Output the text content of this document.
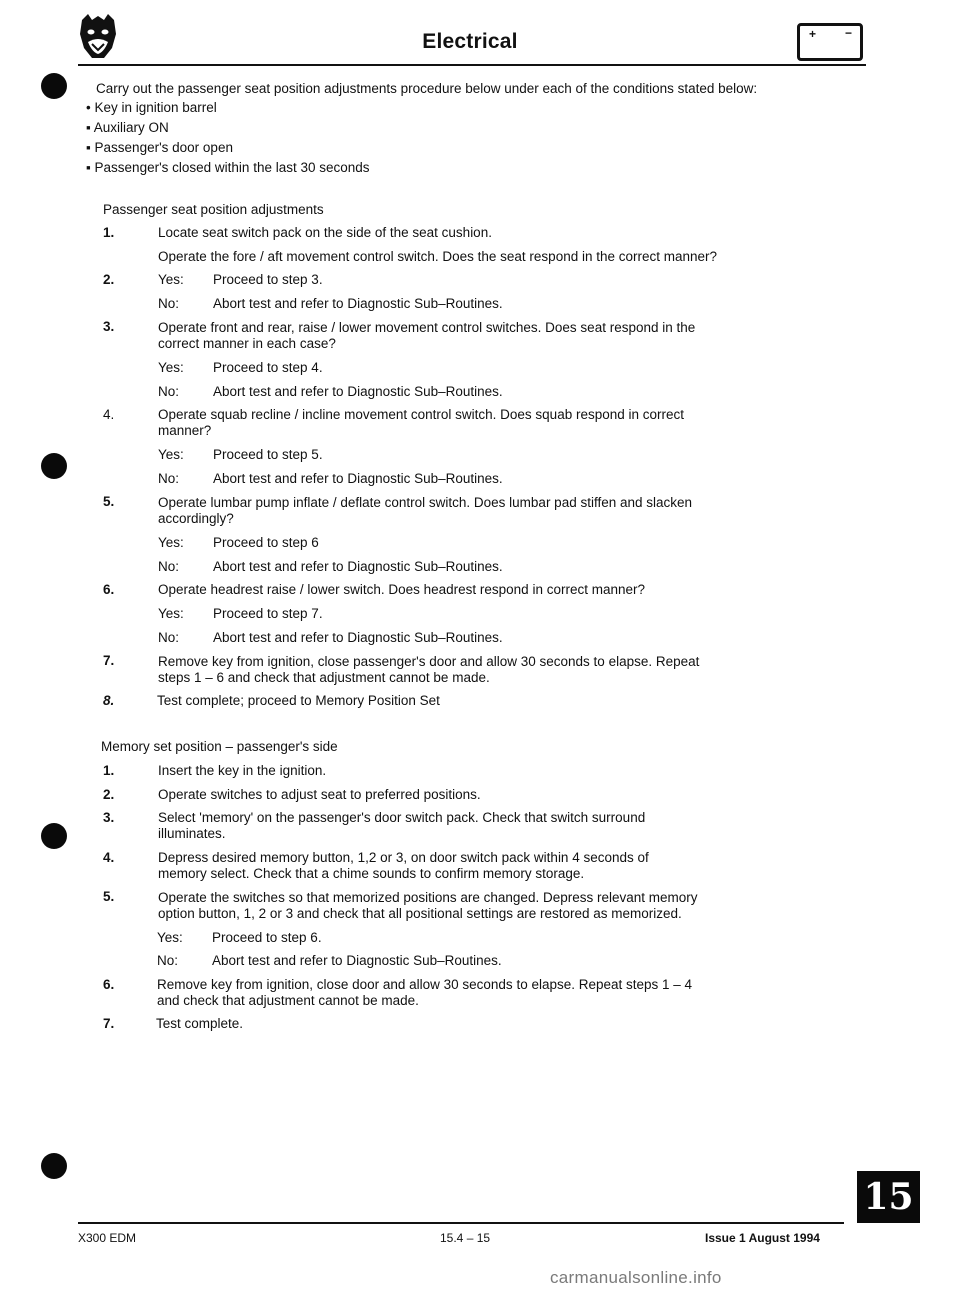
Electrical	+ −
Carry out the passenger seat position adjustments procedure below under each of the conditions stated below:
• Key in ignition barrel
▪ Auxiliary ON
▪ Passenger's door open
▪ Passenger's closed within the last 30 seconds
Passenger seat position adjustments
1.	Locate seat switch pack on the side of the seat cushion.
Operate the fore / aft movement control switch. Does the seat respond in the correct manner?
2.	Yes: Proceed to step 3.
No:	Abort test and refer to Diagnostic Sub–Routines.
3.	Operate front and rear, raise / lower movement control switches. Does seat respond in the
correct manner in each case?
Yes: Proceed to step 4.
No:	Abort test and refer to Diagnostic Sub–Routines.
4.	Operate squab recline / incline movement control switch. Does squab respond in correct
manner?
Yes: Proceed to step 5.
No:	Abort test and refer to Diagnostic Sub–Routines.
5.	Operate lumbar pump inflate / deflate control switch. Does lumbar pad stiffen and slacken
accordingly?
Yes: Proceed to step 6
No:	Abort test and refer to Diagnostic Sub–Routines.
6.	Operate headrest raise / lower switch. Does headrest respond in correct manner?
Yes: Proceed to step 7.
No:	Abort test and refer to Diagnostic Sub–Routines.
7.	Remove key from ignition, close passenger's door and allow 30 seconds to elapse. Repeat
steps 1 – 6 and check that adjustment cannot be made.
8.	Test complete; proceed to Memory Position Set
Memory set position – passenger's side
1.	Insert the key in the ignition.
2.	Operate switches to adjust seat to preferred positions.
3.	Select 'memory' on the passenger's door switch pack. Check that switch surround
illuminates.
4.	Depress desired memory button, 1,2 or 3, on door switch pack within 4 seconds of
memory select. Check that a chime sounds to confirm memory storage.
5.	Operate the switches so that memorized positions are changed. Depress relevant memory
option button, 1, 2 or 3 and check that all positional settings are restored as memorized.
Yes: Proceed to step 6.
No:	Abort test and refer to Diagnostic Sub–Routines.
6.	Remove key from ignition, close door and allow 30 seconds to elapse. Repeat steps 1 – 4
and check that adjustment cannot be made.
7.	Test complete.
X300 EDM	15.4 – 15	Issue 1 August 1994
15
carmanualsonline.info
